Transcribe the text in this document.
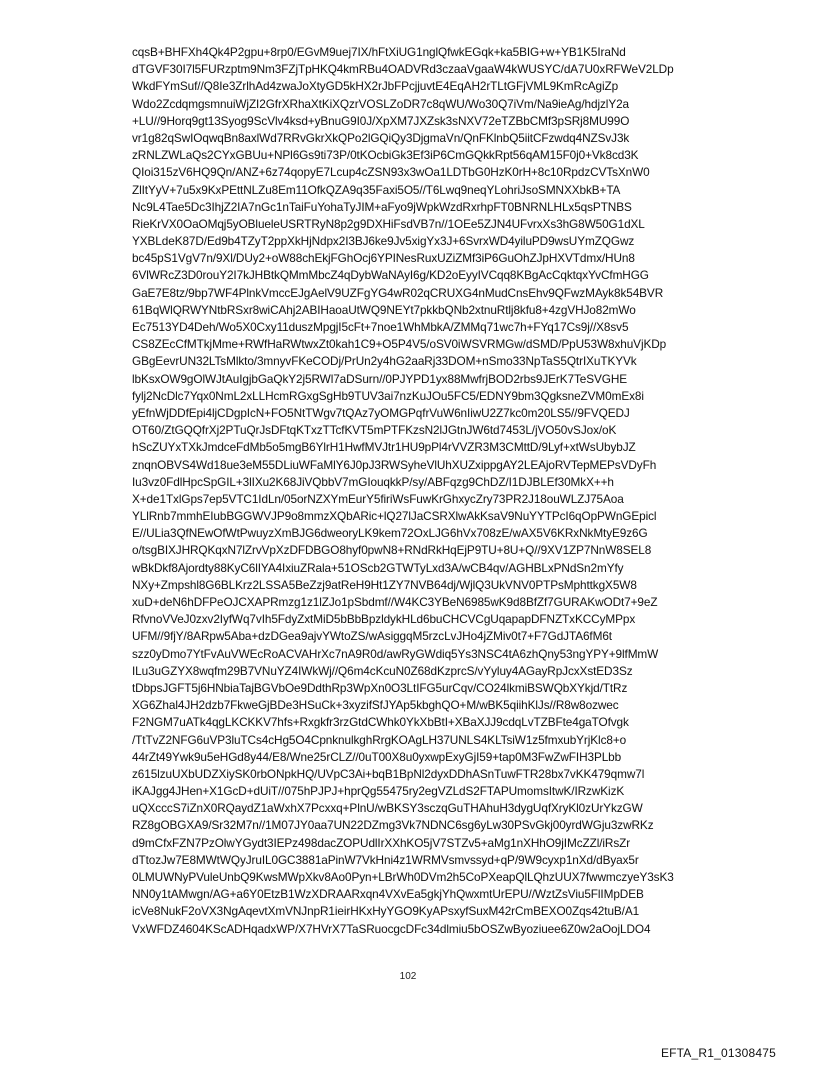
cqsB+BHFXh4Qk4P2gpu+8rp0/EGvM9uej7IX/hFtXiUG1nglQfwkEGqk+ka5BIG+w+YB1K5IraNd
dTGVF30I7l5FURzptm9Nm3FZjTpHKQ4kmRBu4OADVRd3czaaVgaaW4kWUSYC/dA7U0xRFWeV2LDp
WkdFYmSuf//Q8Ie3ZrlhAd4zwaJoXtyGD5kHX2rJbFPcjjuvtE4EqAH2rTLtGFjVML9KmRcAgiZp
Wdo2ZcdqmgsmnuiWjZI2GfrXRhaXtKiXQzrVOSLZoDR7c8qWU/Wo30Q7iVm/Na9ieAg/hdjzlY2a
+LU//9Horq9gt13Syog9ScVlv4ksd+yBnuG9I0J/XpXM7JXZsk3sNXV72eTZBbCMf3pSRj8MU99O
vr1g82qSwIOqwqBn8axlWd7RRvGkrXkQPo2lGQiQy3DjgmaVn/QnFKlnbQ5iitCFzwdq4NZSvJ3k
zRNLZWLaQs2CYxGBUu+NPl6Gs9ti73P/0tKOcbiGk3Ef3iP6CmGQkkRpt56qAM15F0j0+Vk8cd3K
QIoi315zV6HQ9Qn/ANZ+6z74qopyE7Lcup4cZSN93x3wOa1LDTbG0HzK0rH+8c10RpdzCVTsXnW0
ZlItYyV+7u5x9KxPEttNLZu8Em11OfkQZA9q35Faxi5O5//T6Lwq9neqYLohriJsoSMNXXbkB+TA
Nc9L4Tae5Dc3IhjZ2IA7nGc1nTaiFuYohaTyJIM+aFyo9jWpkWzdRxrhpFT0BNRNLHLx5qsPTNBS
RieKrVX0OaOMqj5yOBlueleUSRTRyN8p2g9DXHiFsdVB7n//1OEe5ZJN4UFvrxXs3hG8W50G1dXL
YXBLdeK87D/Ed9b4TZyT2ppXkHjNdpx2I3BJ6ke9Jv5xigYx3J+6SvrxWD4yiluPD9wsUYmZQGwz
bc45pS1VgV7n/9Xl/DUy2+oW88chEkjFGhOcj6YPINesRuxUZiZMf3iP6GuOhZJpHXVTdmx/HUn8
6VlWRcZ3D0rouY2I7kJHBtkQMmMbcZ4qDybWaNAyI6g/KD2oEyyIVCqq8KBgAcCqktqxYvCfmHGG
GaE7E8tz/9bp7WF4PlnkVmccEJgAelV9UZFgYG4wR02qCRUXG4nMudCnsEhv9QFwzMAyk8k54BVR
61BqWlQRWYNtbRSxr8wiCAhj2ABIHaoaUtWQ9NEYt7pkkbQNb2xtnuRtlj8kfu8+4zgVHJo82mWo
Ec7513YD4Deh/Wo5X0Cxy11duszMpgjI5cFt+7noe1WhMbkA/ZMMq71wc7h+FYq17Cs9j//X8sv5
CS8ZEcCfMTkjMme+RWfHaRWtwxZt0kah1C9+O5P4V5/oSV0iWSVRMGw/dSMD/PpU53W8xhuVjKDp
GBgEevrUN32LTsMlkto/3mnyvFKeCODj/PrUn2y4hG2aaRj33DOM+nSmo33NpTaS5QtrIXuTKYVk
lbKsxOW9gOlWJtAuIgjbGaQkY2j5RWl7aDSurn//0PJYPD1yx88MwfrjBOD2rbs9JErK7TeSVGHE
fylj2NcDlc7Yqx0NmL2xLLHcmRGxgSgHb9TUV3ai7nzKuJOu5FC5/EDNY9bm3QgksneZVM0mEx8i
yEfnWjDDfEpi4ljCDgpIcN+FO5NtTWgv7tQAz7yOMGPqfrVuW6nIiwU2Z7kc0m20LS5//9FVQEDJ
OT60/ZtGQQfrXj2PTuQrJsDFtqKTxzTTcfKVT5mPTFKzsN2lJGtnJW6td7453L/jVO50vSJox/oK
hScZUYxTXkJmdceFdMb5o5mgB6YlrH1HwfMVJtr1HU9pPl4rVVZR3M3CMttD/9Lyf+xtWsUbybJZ
znqnOBVS4Wd18ue3eM55DLiuWFaMlY6J0pJ3RWSyheVlUhXUZxippgAY2LEAjoRVTepMEPsVDyFh
Iu3vz0FdlHpcSpGIL+3lIXu2K68JiVQbbV7mGIouqkkP/sy/ABFqzg9ChDZ/I1DJBLEf30MkX++h
X+de1TxlGps7ep5VTC1IdLn/05orNZXYmEurY5firiWsFuwKrGhxycZry73PR2J18ouWLZJ75Aoa
YLlRnb7mmhEIubBGGWVJP9o8mmzXQbARic+lQ27lJaCSRXlwAkKsaV9NuYYTPcI6qOpPWnGEpicl
E//ULia3QfNEwOfWtPwuyzXmBJG6dweoryLK9kem72OxLJG6hVx708zE/wAX5V6KRxNkMtyE9z6G
o/tsgBIXJHRQKqxN7lZrvVpXzDFDBGO8hyf0pwN8+RNdRkHqEjP9TU+8U+Q//9XV1ZP7NnW8SEL8
wBkDkf8Ajordty88KyC6lIYA4IxiuZRala+51OScb2GTWTyLxd3A/wCB4qv/AGHBLxPNdSn2mYfy
NXy+Zmpshl8G6BLKrz2LSSA5BeZzj9atReH9Ht1ZY7NVB64dj/WjlQ3UkVNV0PTPsMphttkgX5W8
xuD+deN6hDFPeOJCXAPRmzg1z1lZJo1pSbdmf//W4KC3YBeN6985wK9d8BfZf7GURAKwODt7+9eZ
RfvnoVVeJ0zxv2IyfWq7vIh5FdyZxtMiD5bBbBpzldykHLd6buCHCVCgUqapapDFNZTxKCCyMPpx
UFM//9fjY/8ARpw5Aba+dzDGea9ajvYWtoZS/wAsiggqM5rzcLvJHo4jZMiv0t7+F7GdJTA6fM6t
szz0yDmo7YtFvAuVWEcRoACVAHrXc7nA9R0d/awRyGWdiq5Ys3NSC4tA6zhQny53ngYPY+9lfMmW
ILu3uGZYX8wqfm29B7VNuYZ4IWkWj//Q6m4cKcuN0Z68dKzprcS/vYyluy4AGayRpJcxXstED3Sz
tDbpsJGFT5j6HNbiaTajBGVbOe9DdthRp3WpXn0O3LtIFG5urCqv/CO24lkmiBSWQbXYkjd/TtRz
XG6Zhal4JH2dzb7FkweGjBDe3HSuCk+3xyzifSfJYAp5kbghQO+M/wBK5qiihKlJs//R8w8ozwec
F2NGM7uATk4qgLKCKKV7hfs+Rxgkfr3rzGtdCWhk0YkXbBtI+XBaXJJ9cdqLvTZBFte4gaTOfvgk
/TtTvZ2NFG6uVP3luTCs4cHg5O4CpnknulkghRrgKOAgLH37UNLS4KLTsiW1z5fmxubYrjKlc8+o
44rZt49Ywk9u5eHGd8y44/E8/Wne25rCLZ//0uT00X8u0yxwpExyGjI59+tap0M3FwZwFIH3PLbb
z615lzuUXbUDZXiySK0rbONpkHQ/UVpC3Ai+bqB1BpNl2dyxDDhASnTuwFTR28bx7vKK479qmw7l
iKAJgg4JHen+X1GcD+dUiT//075hPJPJ+hprQg55475ry2egVZLdS2FTAPUmomsItwK/IRzwKizK
uQXcccS7iZnX0RQaydZ1aWxhX7Pcxxq+PlnU/wBKSY3sczqGuTHAhuH3dygUqfXryKl0zUrYkzGW
RZ8gOBGXA9/Sr32M7n//1M07JY0aa7UN22DZmg3Vk7NDNC6sg6yLw30PSvGkj00yrdWGju3zwRKz
d9mCfxFZN7PzOlwYGydt3IEPz498dacZOPUdlIrXXhKO5jV7STZv5+aMg1nXHhO9jIMcZZl/iRsZr
dTtozJw7E8MWtWQyJruIL0GC3881aPinW7VkHni4z1WRMVsmvssyd+qP/9W9cyxp1nXd/dByax5r
0LMUWNyPVuleUnbQ9KwsMWpXkv8Ao0Pyn+LBrWh0DVm2h5CoPXeapQlLQhzUUX7fwwmczyeY3sK3
NN0y1tAMwgn/AG+a6Y0EtzB1WzXDRAARxqn4VXvEa5gkjYhQwxmtUrEPU//WztZsViu5FlIMpDEB
icVe8NukF2oVX3NgAqevtXmVNJnpR1ieirHKxHyYGO9KyAPsxyfSuxM42rCmBEXO0Zqs42tuB/A1
VxWFDZ4604KScADHqadxWP/X7HVrX7TaSRuocgcDFc34dlmiu5bOSZwByoziuee6Z0w2aOojLDO4
102
EFTA_R1_01308475
